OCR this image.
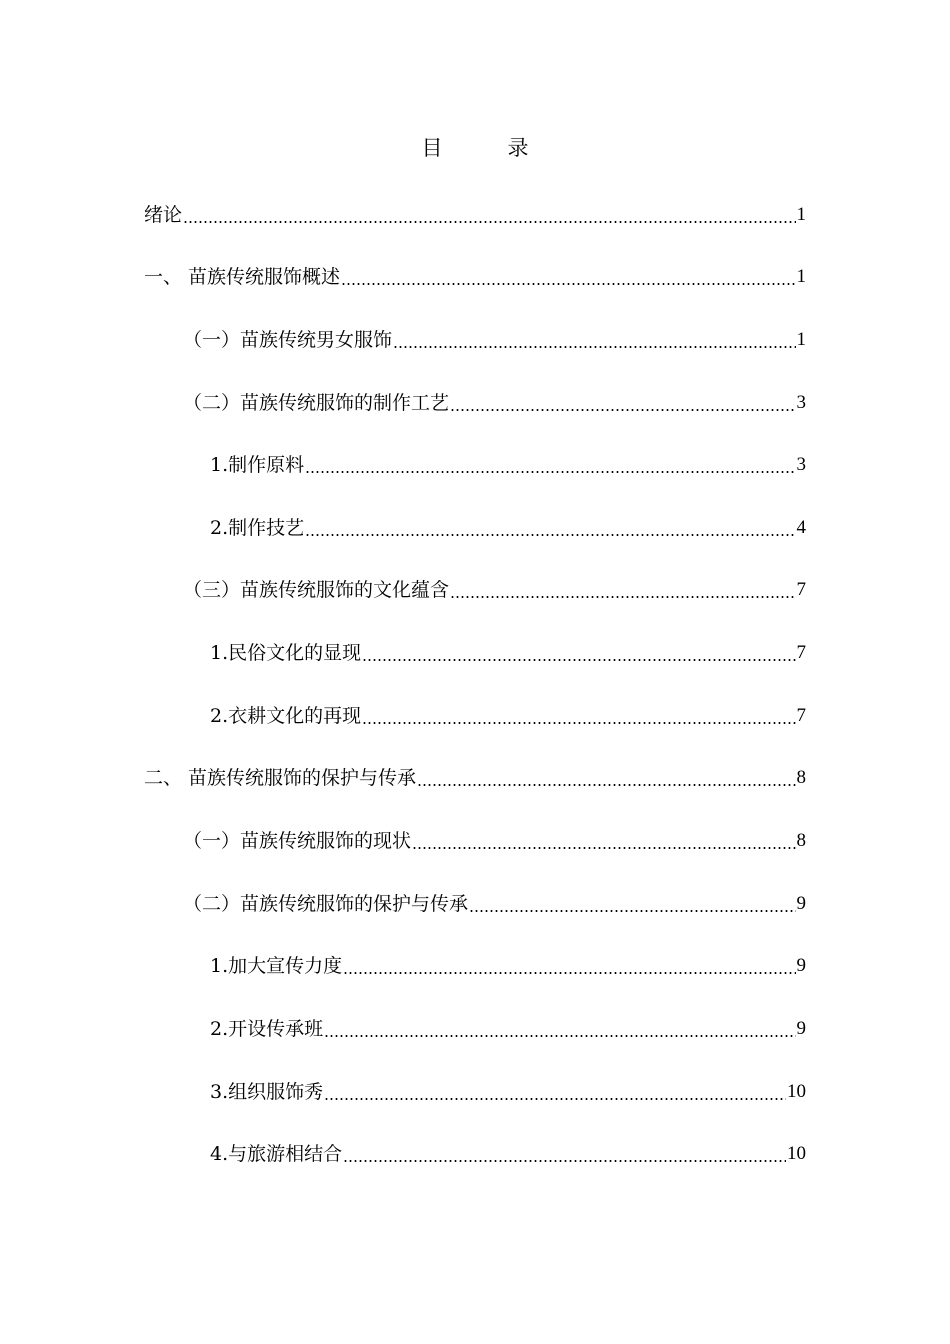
目　录
绪论	1
一、 苗族传统服饰概述	1
（一）苗族传统男女服饰	1
（二）苗族传统服饰的制作工艺	3
1.制作原料	3
2.制作技艺	4
（三）苗族传统服饰的文化蕴含	7
1.民俗文化的显现	7
2.衣耕文化的再现	7
二、 苗族传统服饰的保护与传承	8
（一）苗族传统服饰的现状	8
（二）苗族传统服饰的保护与传承	9
1.加大宣传力度	9
2.开设传承班	9
3.组织服饰秀	10
4.与旅游相结合	10
